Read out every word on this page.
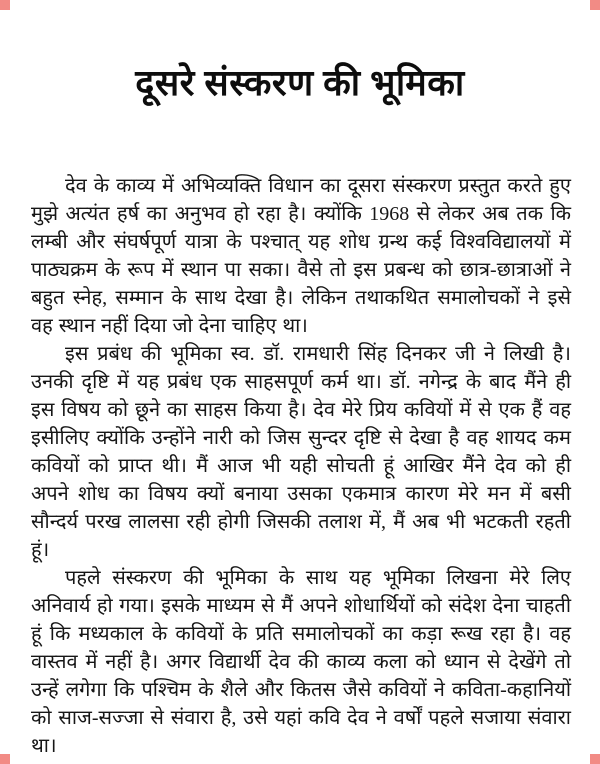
दूसरे संस्करण की भूमिका

देव के काव्य में अभिव्यक्ति विधान का दूसरा संस्करण प्रस्तुत करते हुए मुझे अत्यंत हर्ष का अनुभव हो रहा है। क्योंकि 1968 से लेकर अब तक कि लम्बी और संघर्षपूर्ण यात्रा के पश्चात् यह शोध ग्रन्थ कई विश्वविद्यालयों में पाठ्यक्रम के रूप में स्थान पा सका। वैसे तो इस प्रबन्ध को छात्र-छात्राओं ने बहुत स्नेह, सम्मान के साथ देखा है। लेकिन तथाकथित समालोचकों ने इसे वह स्थान नहीं दिया जो देना चाहिए था।

इस प्रबंध की भूमिका स्व. डॉ. रामधारी सिंह दिनकर जी ने लिखी है। उनकी दृष्टि में यह प्रबंध एक साहसपूर्ण कर्म था। डॉ. नगेन्द्र के बाद मैंने ही इस विषय को छूने का साहस किया है। देव मेरे प्रिय कवियों में से एक हैं वह इसीलिए क्योंकि उन्होंने नारी को जिस सुन्दर दृष्टि से देखा है वह शायद कम कवियों को प्राप्त थी। मैं आज भी यही सोचती हूं आखिर मैंने देव को ही अपने शोध का विषय क्यों बनाया उसका एकमात्र कारण मेरे मन में बसी सौन्दर्य परख लालसा रही होगी जिसकी तलाश में, मैं अब भी भटकती रहती हूं।

पहले संस्करण की भूमिका के साथ यह भूमिका लिखना मेरे लिए अनिवार्य हो गया। इसके माध्यम से मैं अपने शोधार्थियों को संदेश देना चाहती हूं कि मध्यकाल के कवियों के प्रति समालोचकों का कड़ा रूख रहा है। वह वास्तव में नहीं है। अगर विद्यार्थी देव की काव्य कला को ध्यान से देखेंगे तो उन्हें लगेगा कि पश्चिम के शैले और कितस जैसे कवियों ने कविता-कहानियों को साज-सज्जा से संवारा है, उसे यहां कवि देव ने वर्षों पहले सजाया संवारा था।
